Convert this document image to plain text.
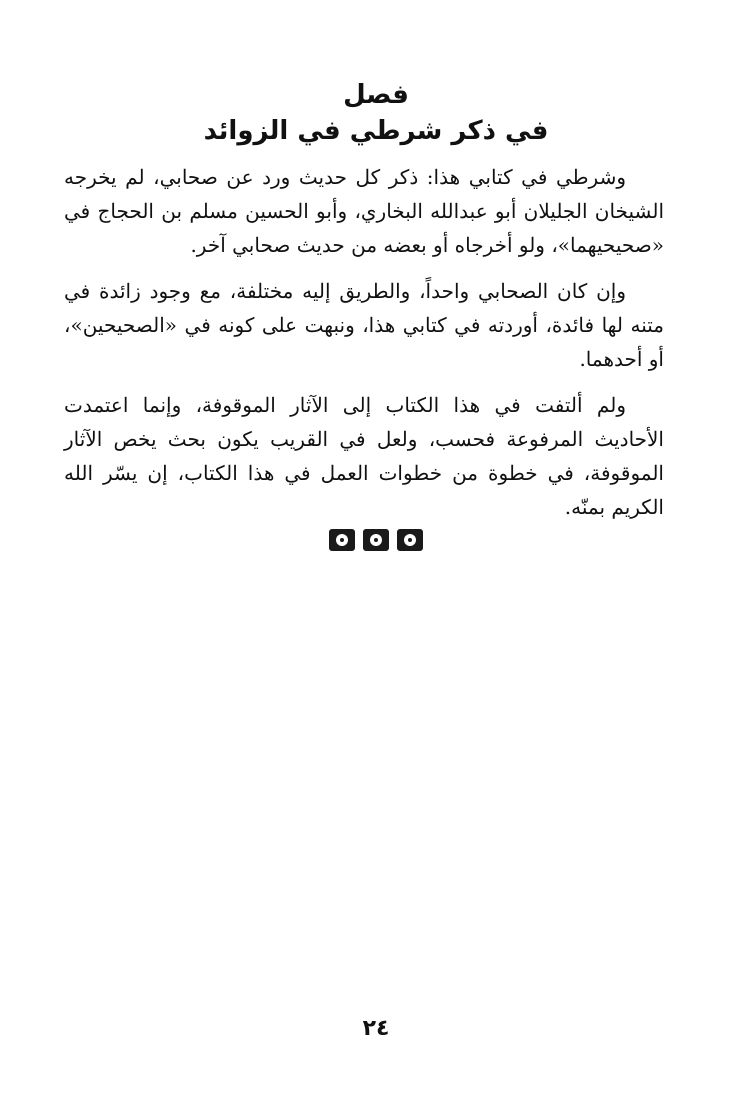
فصل
في ذكر شرطي في الزوائد

وشرطي في كتابي هذا: ذكر كل حديث ورد عن صحابي، لم يخرجه الشيخان الجليلان أبو عبدالله البخاري، وأبو الحسين مسلم بن الحجاج في «صحيحيهما»، ولو أخرجاه أو بعضه من حديث صحابي آخر.

وإن كان الصحابي واحداً، والطريق إليه مختلفة، مع وجود زائدة في متنه لها فائدة، أوردته في كتابي هذا، ونبهت على كونه في «الصحيحين»، أو أحدهما.

ولم ألتفت في هذا الكتاب إلى الآثار الموقوفة، وإنما اعتمدت الأحاديث المرفوعة فحسب، ولعل في القريب يكون بحث يخص الآثار الموقوفة، في خطوة من خطوات العمل في هذا الكتاب، إن يسّر الله الكريم بمنّه.

٢٤
